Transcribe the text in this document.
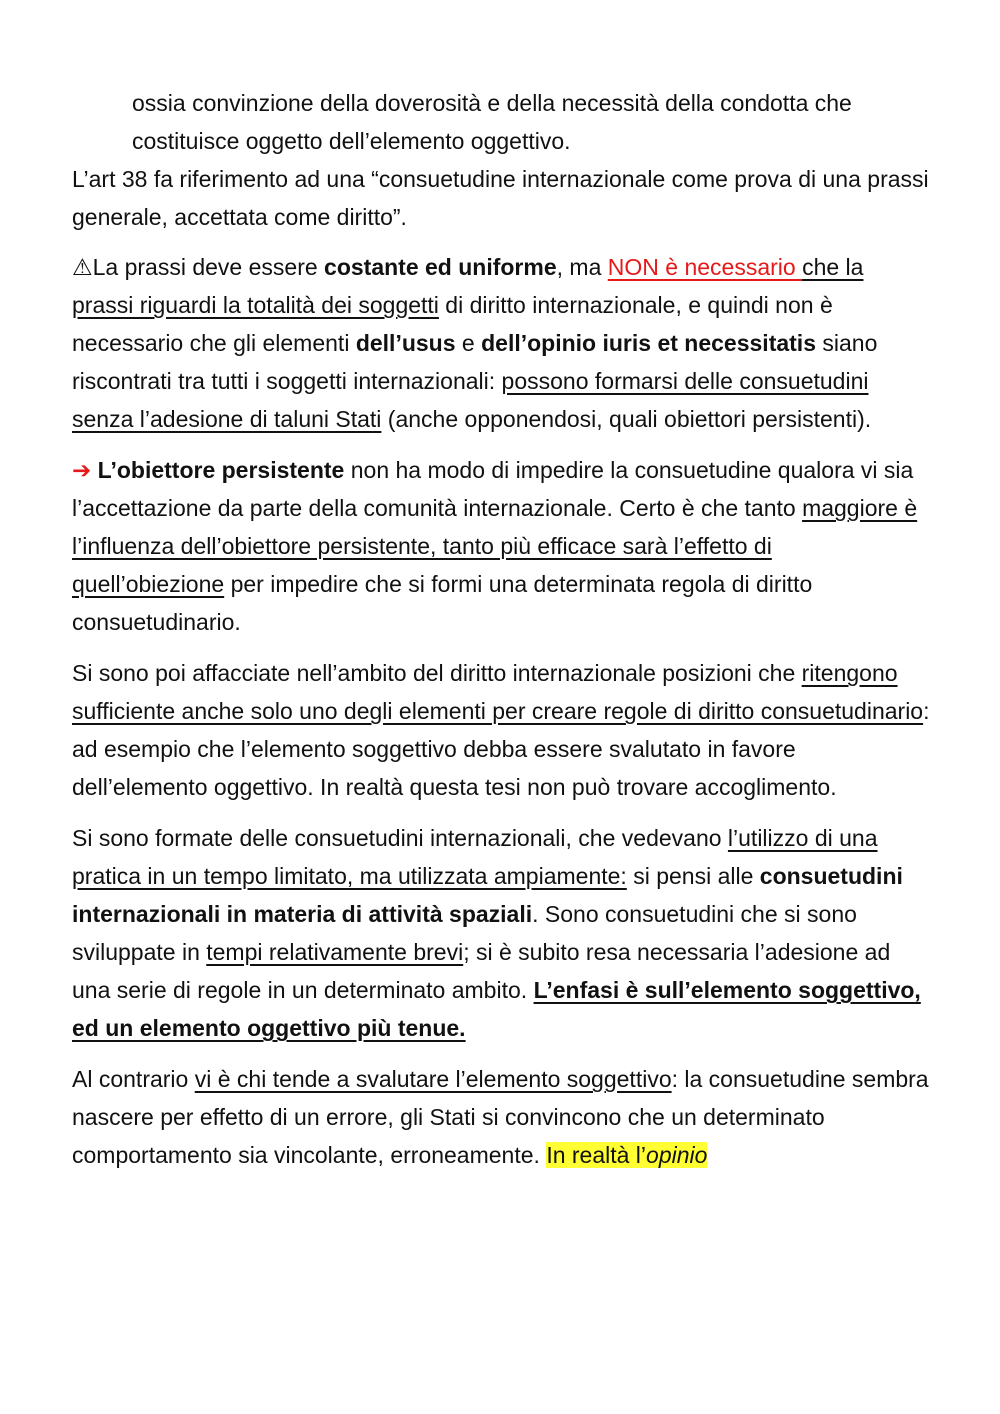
ossia convinzione della doverosità e della necessità della condotta che costituisce oggetto dell’elemento oggettivo.

L’art 38 fa riferimento ad una “consuetudine internazionale come prova di una prassi generale, accettata come diritto”.

⚠La prassi deve essere costante ed uniforme, ma NON è necessario che la prassi riguardi la totalità dei soggetti di diritto internazionale, e quindi non è necessario che gli elementi dell’usus e dell’opinio iuris et necessitatis siano riscontrati tra tutti i soggetti internazionali: possono formarsi delle consuetudini senza l’adesione di taluni Stati (anche opponendosi, quali obiettori persistenti).

➔ L’obiettore persistente non ha modo di impedire la consuetudine qualora vi sia l’accettazione da parte della comunità internazionale. Certo è che tanto maggiore è l’influenza dell’obiettore persistente, tanto più efficace sarà l’effetto di quell’obiezione per impedire che si formi una determinata regola di diritto consuetudinario.

Si sono poi affacciate nell’ambito del diritto internazionale posizioni che ritengono sufficiente anche solo uno degli elementi per creare regole di diritto consuetudinario: ad esempio che l’elemento soggettivo debba essere svalutato in favore dell’elemento oggettivo. In realtà questa tesi non può trovare accoglimento.

Si sono formate delle consuetudini internazionali, che vedevano l’utilizzo di una pratica in un tempo limitato, ma utilizzata ampiamente: si pensi alle consuetudini internazionali in materia di attività spaziali. Sono consuetudini che si sono sviluppate in tempi relativamente brevi; si è subito resa necessaria l’adesione ad una serie di regole in un determinato ambito. L’enfasi è sull’elemento soggettivo, ed un elemento oggettivo più tenue.

Al contrario vi è chi tende a svalutare l’elemento soggettivo: la consuetudine sembra nascere per effetto di un errore, gli Stati si convincono che un determinato comportamento sia vincolante, erroneamente. In realtà l’opinio
